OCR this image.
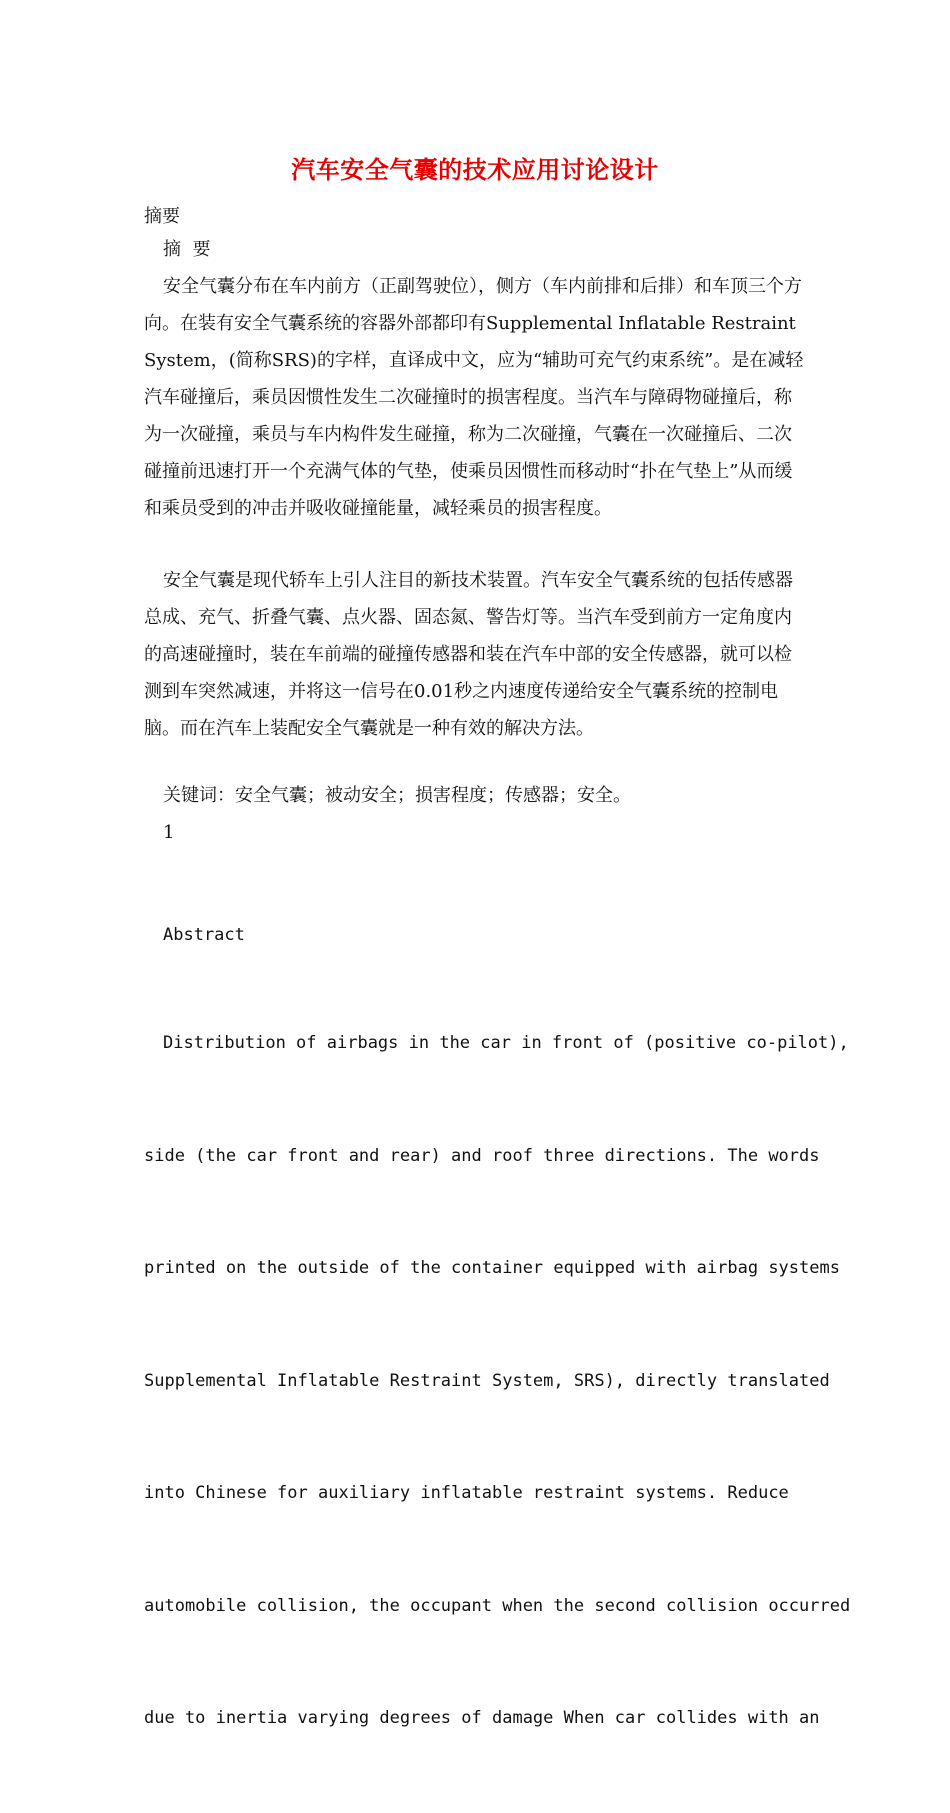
汽车安全气囊的技术应用讨论设计
摘要
摘  要
安全气囊分布在车内前方（正副驾驶位），侧方（车内前排和后排）和车顶三个方向。在装有安全气囊系统的容器外部都印有Supplemental Inflatable Restraint System，(简称SRS)的字样，直译成中文，应为“辅助可充气约束系统”。是在减轻汽车碰撞后，乘员因惯性发生二次碰撞时的损害程度。当汽车与障碍物碰撞后，称为一次碰撞，乘员与车内构件发生碰撞，称为二次碰撞，气囊在一次碰撞后、二次碰撞前迅速打开一个充满气体的气垫，使乘员因惯性而移动时“扑在气垫上”从而缓和乘员受到的冲击并吸收碰撞能量，减轻乘员的损害程度。
安全气囊是现代轿车上引人注目的新技术装置。汽车安全气囊系统的包括传感器总成、充气、折叠气囊、点火器、固态氮、警告灯等。当汽车受到前方一定角度内的高速碰撞时，装在车前端的碰撞传感器和装在汽车中部的安全传感器，就可以检测到车突然减速，并将这一信号在0.01秒之内速度传递给安全气囊系统的控制电脑。而在汽车上装配安全气囊就是一种有效的解决方法。
关键词：安全气囊；被动安全；损害程度；传感器；安全。
1
Abstract

Distribution of airbags in the car in front of (positive co-pilot),

side (the car front and rear) and roof three directions. The words

printed on the outside of the container equipped with airbag systems

Supplemental Inflatable Restraint System, SRS), directly translated

into Chinese for auxiliary inflatable restraint systems. Reduce

automobile collision, the occupant when the second collision occurred

due to inertia varying degrees of damage When car collides with an
